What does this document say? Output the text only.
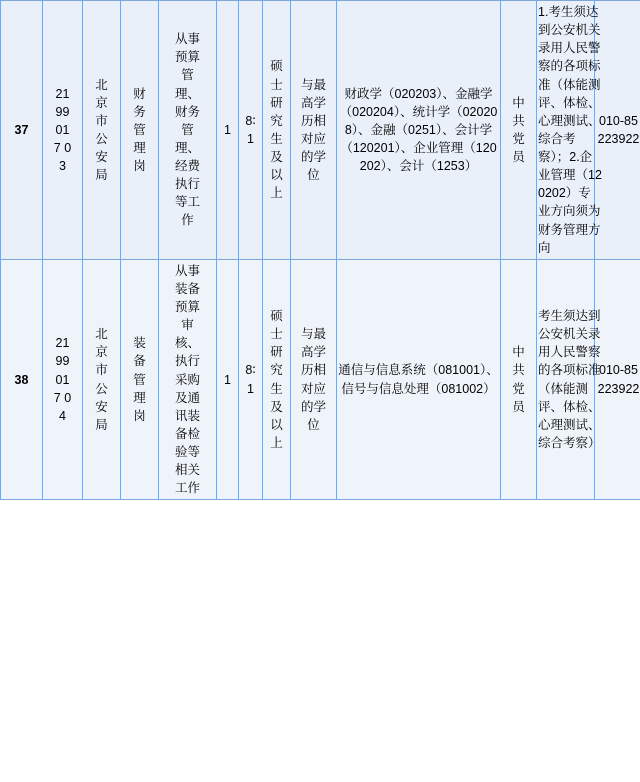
37	2199017 03	北京市公安局	财务管理岗	从事预算管理、财务管理、经费执行等工作	1	8∶1	硕士研究生及以上	与最高学历相对应的学位	财政学（020203）、金融学（020204）、统计学（020208）、金融（0251）、会计学（120201）、企业管理（120202）、会计（1253）	中共党员	1.考生须达到公安机关录用人民警察的各项标准（体能测评、体检、心理测试、综合考察）；2.企业管理（120202）专业方向须为财务管理方向	010-85223922

38	2199017 04	北京市公安局	装备管理岗	从事装备预算审核、执行采购及通讯装备检验等相关工作	1	8∶1	硕士研究生及以上	与最高学历相对应的学位	通信与信息系统（081001）、信号与信息处理（081002）	中共党员	考生须达到公安机关录用人民警察的各项标准（体能测评、体检、心理测试、综合考察）	010-85223922
